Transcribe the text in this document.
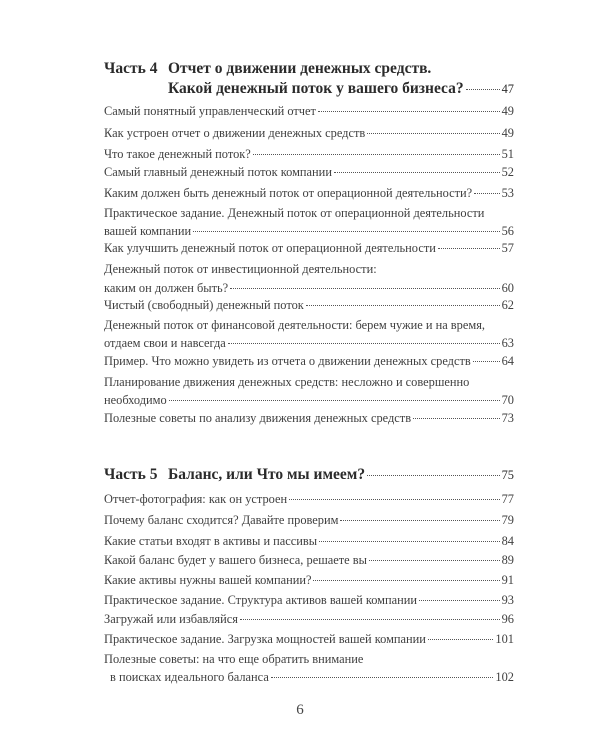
Часть 4 Отчет о движении денежных средств.
Какой денежный поток у вашего бизнеса?	47
Самый понятный управленческий отчет	49
Как устроен отчет о движении денежных средств	49
Что такое денежный поток?	51
Самый главный денежный поток компании	52
Каким должен быть денежный поток от операционной деятельности? 53
Практическое задание. Денежный поток от операционной деятельности
вашей компании	56
Как улучшить денежный поток от операционной деятельности	57
Денежный поток от инвестиционной деятельности:
каким он должен быть?	60
Чистый (свободный) денежный поток	62
Денежный поток от финансовой деятельности: берем чужие и на время,
отдаем свои и навсегда	63
Пример. Что можно увидеть из отчета о движении денежных средств 64
Планирование движения денежных средств: несложно и совершенно
необходимо	70
Полезные советы по анализу движения денежных средств	73
Часть 5 Баланс, или Что мы имеем?	75
Отчет-фотография: как он устроен	77
Почему баланс сходится? Давайте проверим	79
Какие статьи входят в активы и пассивы	84
Какой баланс будет у вашего бизнеса, решаете вы	89
Какие активы нужны вашей компании?	91
Практическое задание. Структура активов вашей компании	93
Загружай или избавляйся	96
Практическое задание. Загрузка мощностей вашей компании	101
Полезные советы: на что еще обратить внимание
в поисках идеального баланса	102
6
